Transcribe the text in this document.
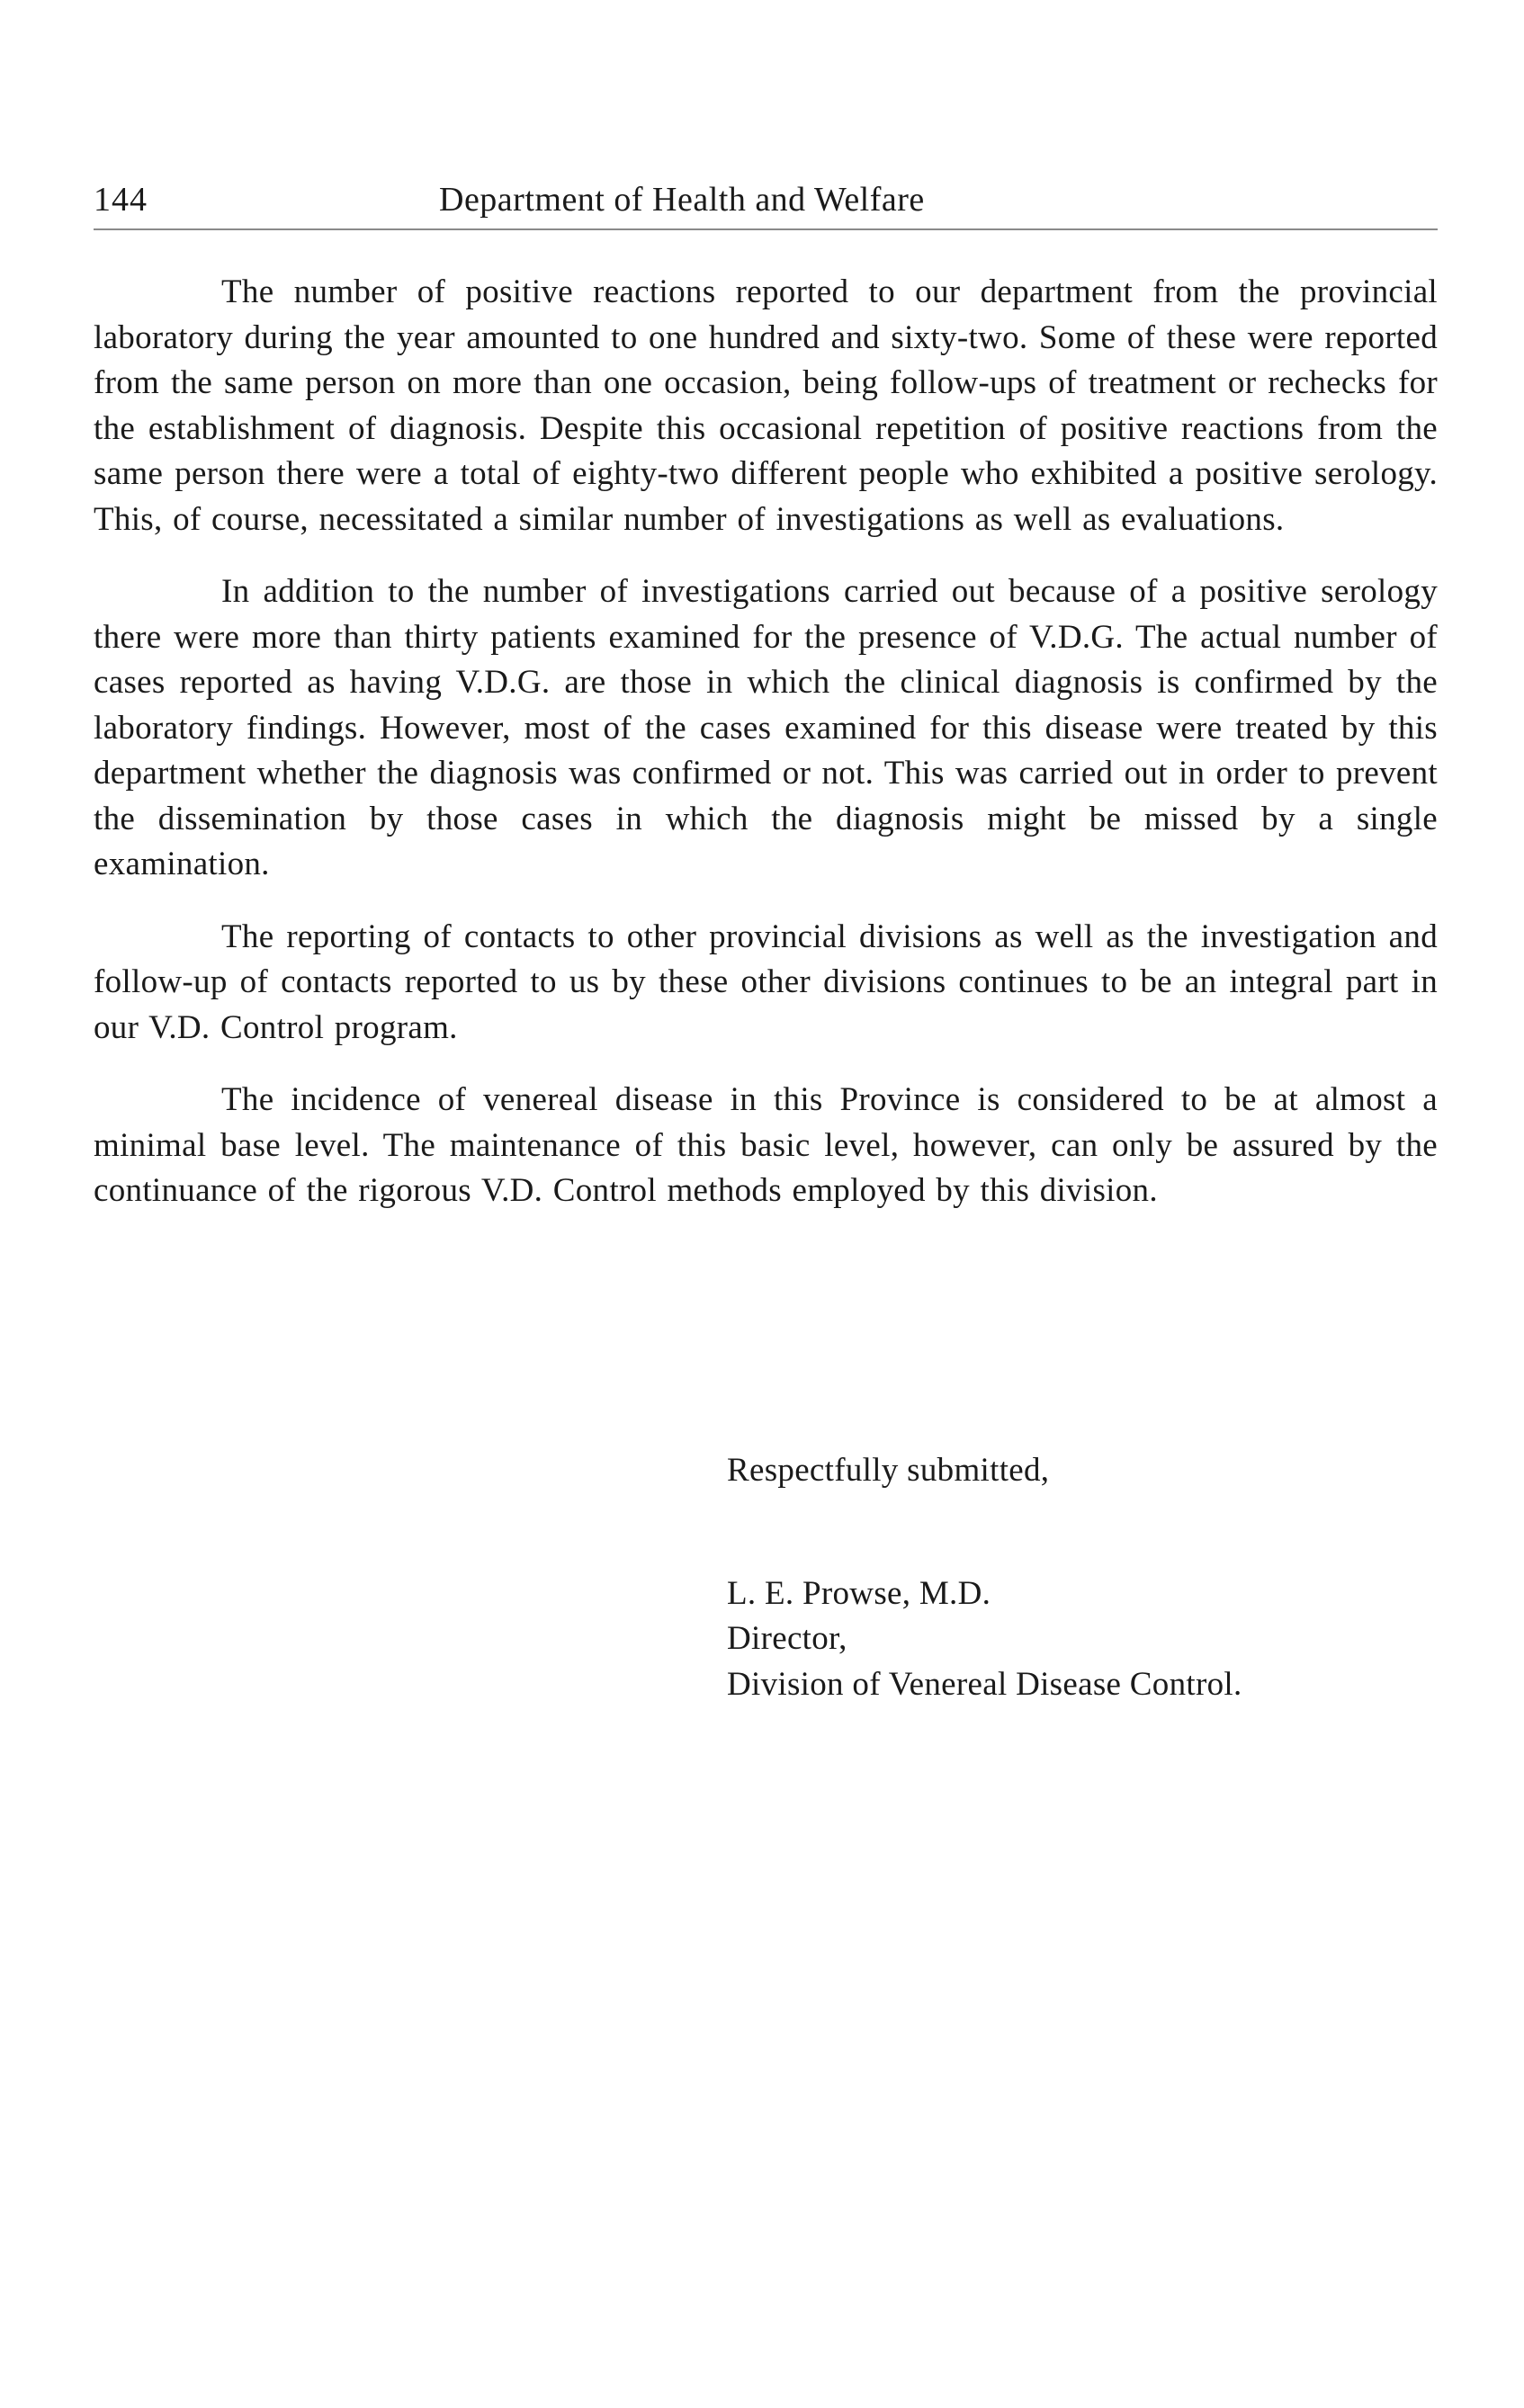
144	Department of Health and Welfare

The number of positive reactions reported to our department from the provincial laboratory during the year amounted to one hundred and sixty-two. Some of these were reported from the same person on more than one occasion, being follow-ups of treatment or rechecks for the establishment of diagnosis. Despite this occasional repetition of positive reactions from the same person there were a total of eighty-two different people who exhibited a positive serology. This, of course, necessitated a similar number of investigations as well as evaluations.

In addition to the number of investigations carried out because of a positive serology there were more than thirty patients examined for the presence of V.D.G. The actual number of cases reported as having V.D.G. are those in which the clinical diagnosis is confirmed by the laboratory findings. However, most of the cases examined for this disease were treated by this department whether the diagnosis was confirmed or not. This was carried out in order to prevent the dissemination by those cases in which the diagnosis might be missed by a single examination.

The reporting of contacts to other provincial divisions as well as the investigation and follow-up of contacts reported to us by these other divisions continues to be an integral part in our V.D. Control program.

The incidence of venereal disease in this Province is considered to be at almost a minimal base level. The maintenance of this basic level, however, can only be assured by the continuance of the rigorous V.D. Control methods employed by this division.

Respectfully submitted,
L. E. Prowse, M.D.
Director,
Division of Venereal Disease Control.
